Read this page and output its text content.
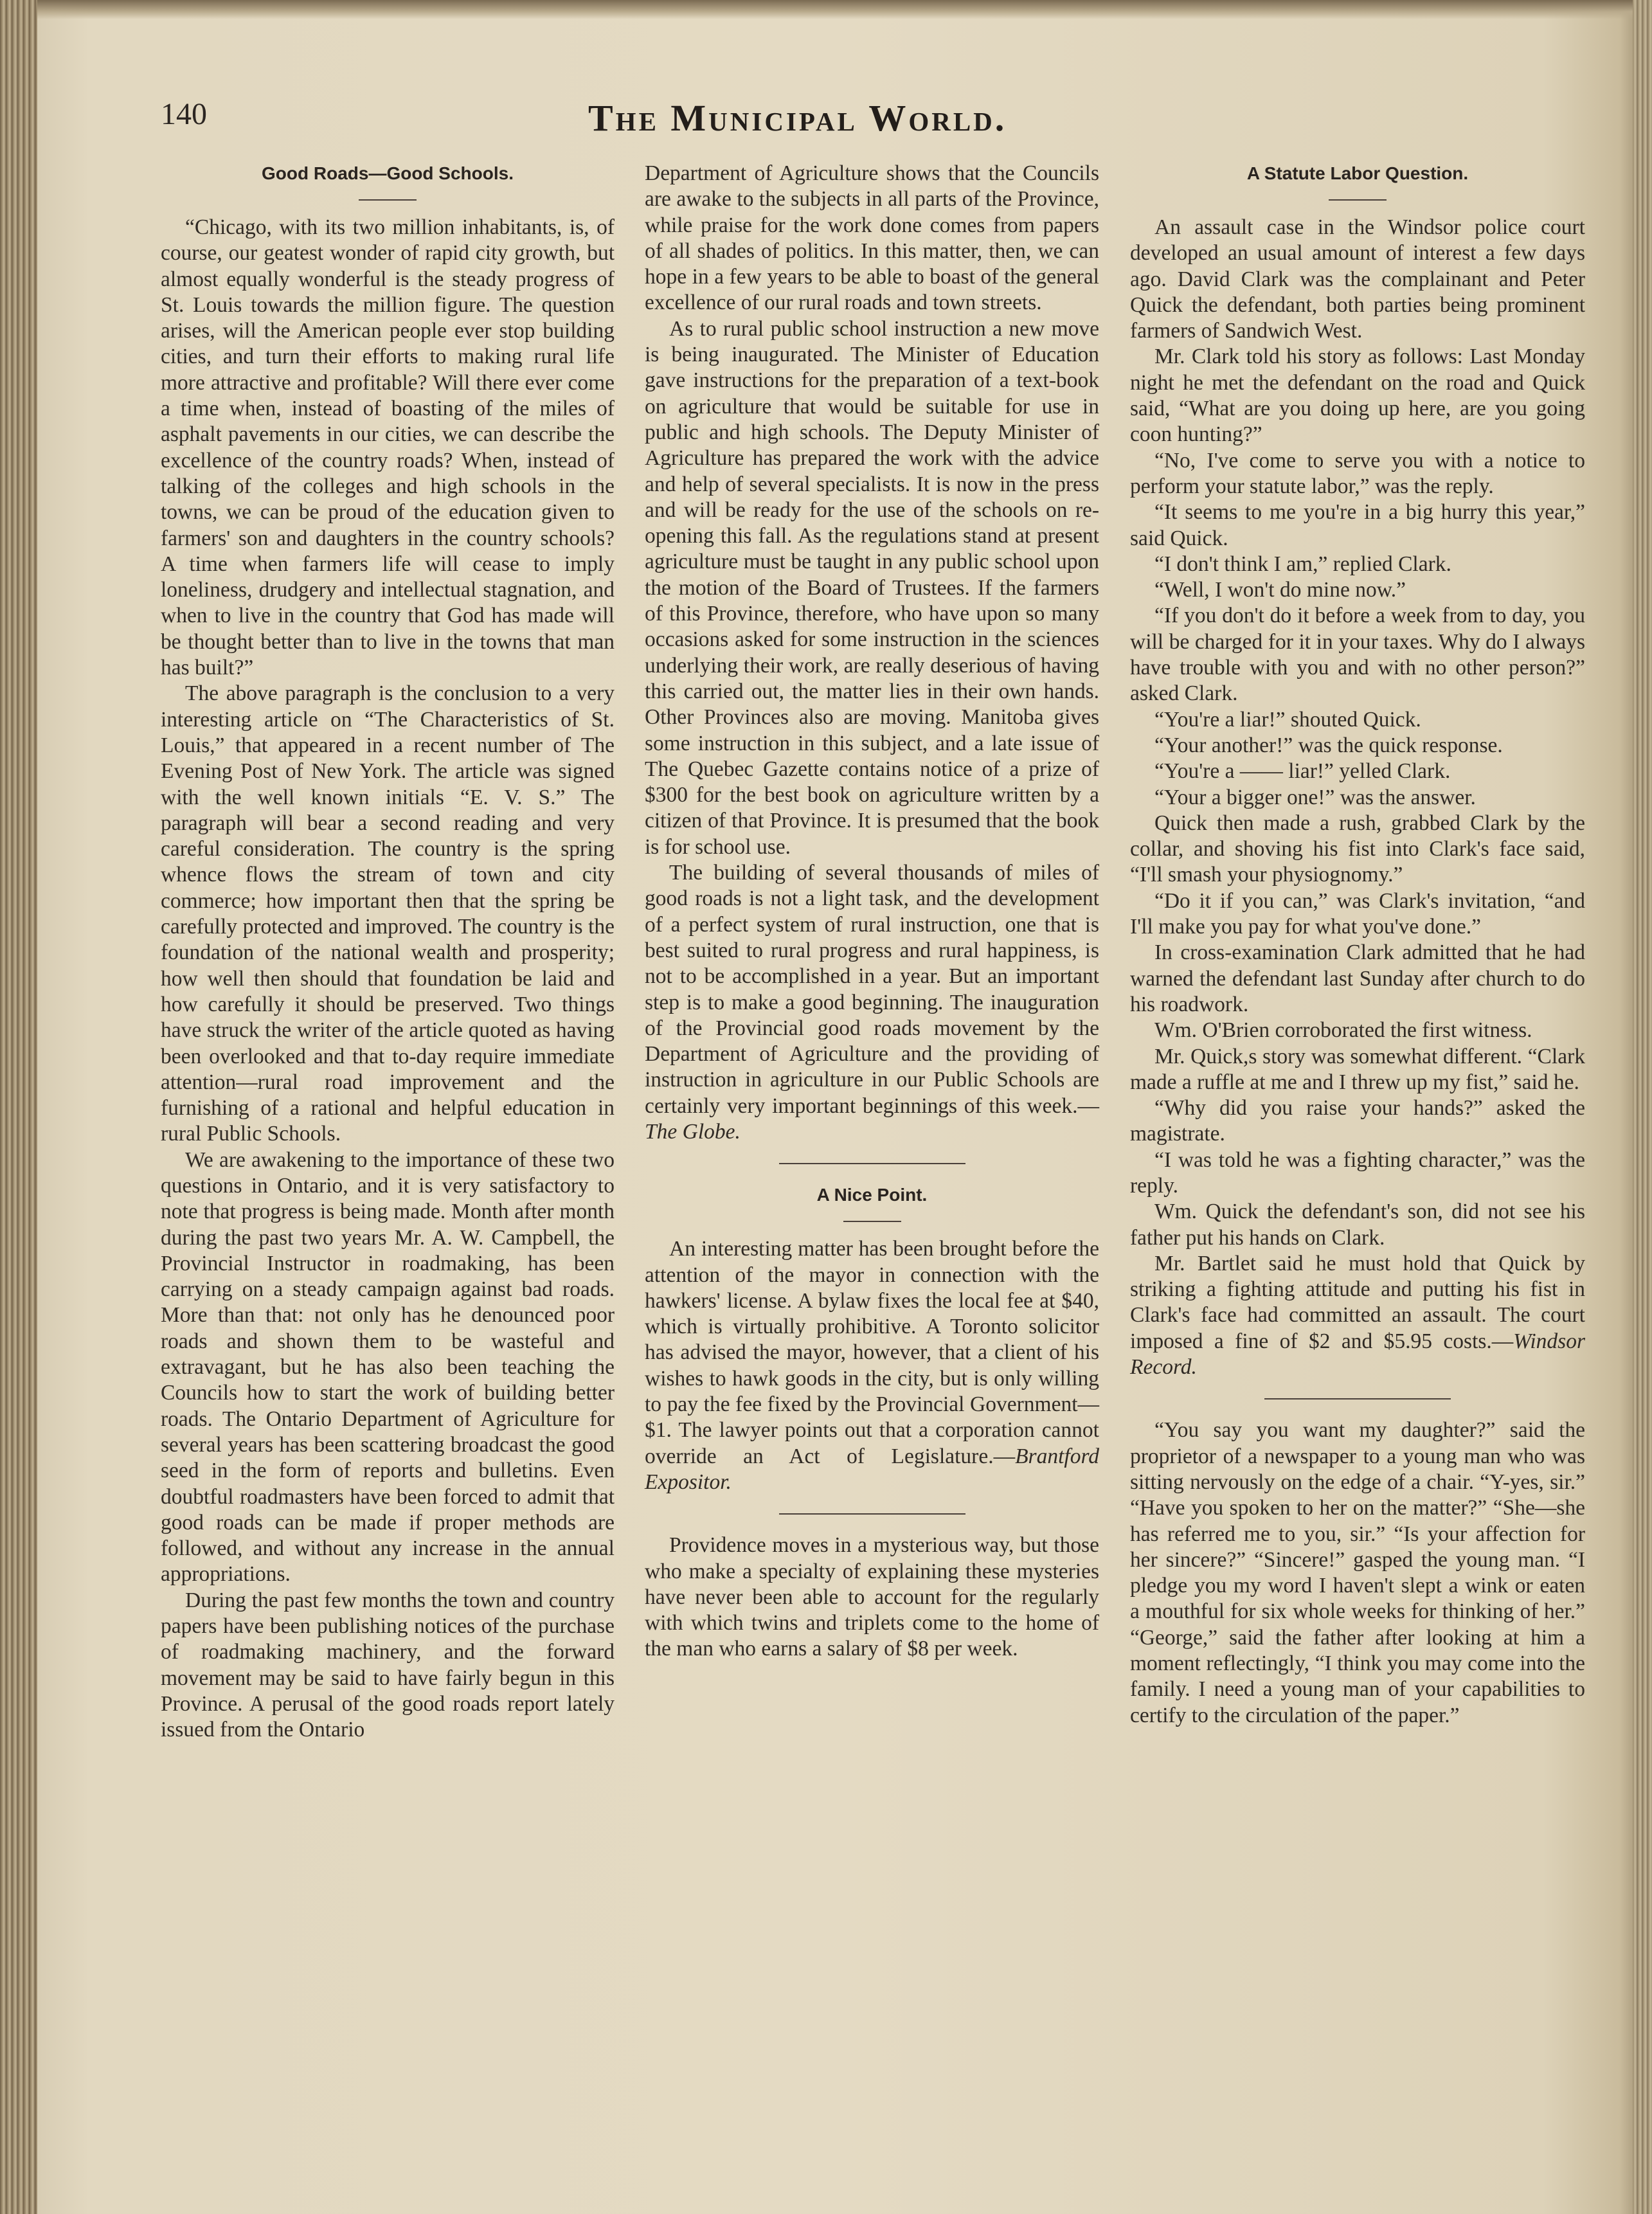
140	The Municipal World.
Good Roads—Good Schools.

“Chicago, with its two million inhabitants, is, of course, our geatest wonder of rapid city growth, but almost equally wonderful is the steady progress of St. Louis towards the million figure. The question arises, will the American people ever stop building cities, and turn their efforts to making rural life more attractive and profitable? Will there ever come a time when, instead of boasting of the miles of asphalt pavements in our cities, we can describe the excellence of the country roads? When, instead of talking of the colleges and high schools in the towns, we can be proud of the education given to farmers' son and daughters in the country schools? A time when farmers life will cease to imply loneliness, drudgery and intellectual stagnation, and when to live in the country that God has made will be thought better than to live in the towns that man has built?”

The above paragraph is the conclusion to a very interesting article on “The Characteristics of St. Louis,” that appeared in a recent number of The Evening Post of New York. The article was signed with the well known initials “E. V. S.” The paragraph will bear a second reading and very careful consideration. The country is the spring whence flows the stream of town and city commerce; how important then that the spring be carefully protected and improved. The country is the foundation of the national wealth and prosperity; how well then should that foundation be laid and how carefully it should be preserved. Two things have struck the writer of the article quoted as having been overlooked and that to-day require immediate attention—rural road improvement and the furnishing of a rational and helpful education in rural Public Schools.

We are awakening to the importance of these two questions in Ontario, and it is very satisfactory to note that progress is being made. Month after month during the past two years Mr. A. W. Campbell, the Provincial Instructor in roadmaking, has been carrying on a steady campaign against bad roads. More than that: not only has he denounced poor roads and shown them to be wasteful and extravagant, but he has also been teaching the Councils how to start the work of building better roads. The Ontario Department of Agriculture for several years has been scattering broadcast the good seed in the form of reports and bulletins. Even doubtful roadmasters have been forced to admit that good roads can be made if proper methods are followed, and without any increase in the annual appropriations.

During the past few months the town and country papers have been publishing notices of the purchase of roadmaking machinery, and the forward movement may be said to have fairly begun in this Province. A perusal of the good roads report lately issued from the Ontario

Department of Agriculture shows that the Councils are awake to the subjects in all parts of the Province, while praise for the work done comes from papers of all shades of politics. In this matter, then, we can hope in a few years to be able to boast of the general excellence of our rural roads and town streets.

As to rural public school instruction a new move is being inaugurated. The Minister of Education gave instructions for the preparation of a text-book on agriculture that would be suitable for use in public and high schools. The Deputy Minister of Agriculture has prepared the work with the advice and help of several specialists. It is now in the press and will be ready for the use of the schools on re-opening this fall. As the regulations stand at present agriculture must be taught in any public school upon the motion of the Board of Trustees. If the farmers of this Province, therefore, who have upon so many occasions asked for some instruction in the sciences underlying their work, are really deserious of having this carried out, the matter lies in their own hands. Other Provinces also are moving. Manitoba gives some instruction in this subject, and a late issue of The Quebec Gazette contains notice of a prize of $300 for the best book on agriculture written by a citizen of that Province. It is presumed that the book is for school use.

The building of several thousands of miles of good roads is not a light task, and the development of a perfect system of rural instruction, one that is best suited to rural progress and rural happiness, is not to be accomplished in a year. But an important step is to make a good beginning. The inauguration of the Provincial good roads movement by the Department of Agriculture and the providing of instruction in agriculture in our Public Schools are certainly very important beginnings of this week.—The Globe.

A Nice Point.

An interesting matter has been brought before the attention of the mayor in connection with the hawkers' license. A bylaw fixes the local fee at $40, which is virtually prohibitive. A Toronto solicitor has advised the mayor, however, that a client of his wishes to hawk goods in the city, but is only willing to pay the fee fixed by the Provincial Government—$1. The lawyer points out that a corporation cannot override an Act of Legislature.—Brantford Expositor.

Providence moves in a mysterious way, but those who make a specialty of explaining these mysteries have never been able to account for the regularly with which twins and triplets come to the home of the man who earns a salary of $8 per week.

A Statute Labor Question.

An assault case in the Windsor police court developed an usual amount of interest a few days ago. David Clark was the complainant and Peter Quick the defendant, both parties being prominent farmers of Sandwich West.

Mr. Clark told his story as follows: Last Monday night he met the defendant on the road and Quick said, “What are you doing up here, are you going coon hunting?”

“No, I've come to serve you with a notice to perform your statute labor,” was the reply.

“It seems to me you're in a big hurry this year,” said Quick.

“I don't think I am,” replied Clark.

“Well, I won't do mine now.”

“If you don't do it before a week from to day, you will be charged for it in your taxes. Why do I always have trouble with you and with no other person?” asked Clark.

“You're a liar!” shouted Quick.

“Your another!” was the quick response.

“You're a —— liar!” yelled Clark.

“Your a bigger one!” was the answer.

Quick then made a rush, grabbed Clark by the collar, and shoving his fist into Clark's face said, “I'll smash your physiognomy.”

“Do it if you can,” was Clark's invitation, “and I'll make you pay for what you've done.”

In cross-examination Clark admitted that he had warned the defendant last Sunday after church to do his roadwork.

Wm. O'Brien corroborated the first witness.

Mr. Quick,s story was somewhat different. “Clark made a ruffle at me and I threw up my fist,” said he.

“Why did you raise your hands?” asked the magistrate.

“I was told he was a fighting character,” was the reply.

Wm. Quick the defendant's son, did not see his father put his hands on Clark.

Mr. Bartlet said he must hold that Quick by striking a fighting attitude and putting his fist in Clark's face had committed an assault. The court imposed a fine of $2 and $5.95 costs.—Windsor Record.

“You say you want my daughter?” said the proprietor of a newspaper to a young man who was sitting nervously on the edge of a chair. “Y-yes, sir.” “Have you spoken to her on the matter?” “She—she has referred me to you, sir.” “Is your affection for her sincere?” “Sincere!” gasped the young man. “I pledge you my word I haven't slept a wink or eaten a mouthful for six whole weeks for thinking of her.” “George,” said the father after looking at him a moment reflectingly, “I think you may come into the family. I need a young man of your capabilities to certify to the circulation of the paper.”
